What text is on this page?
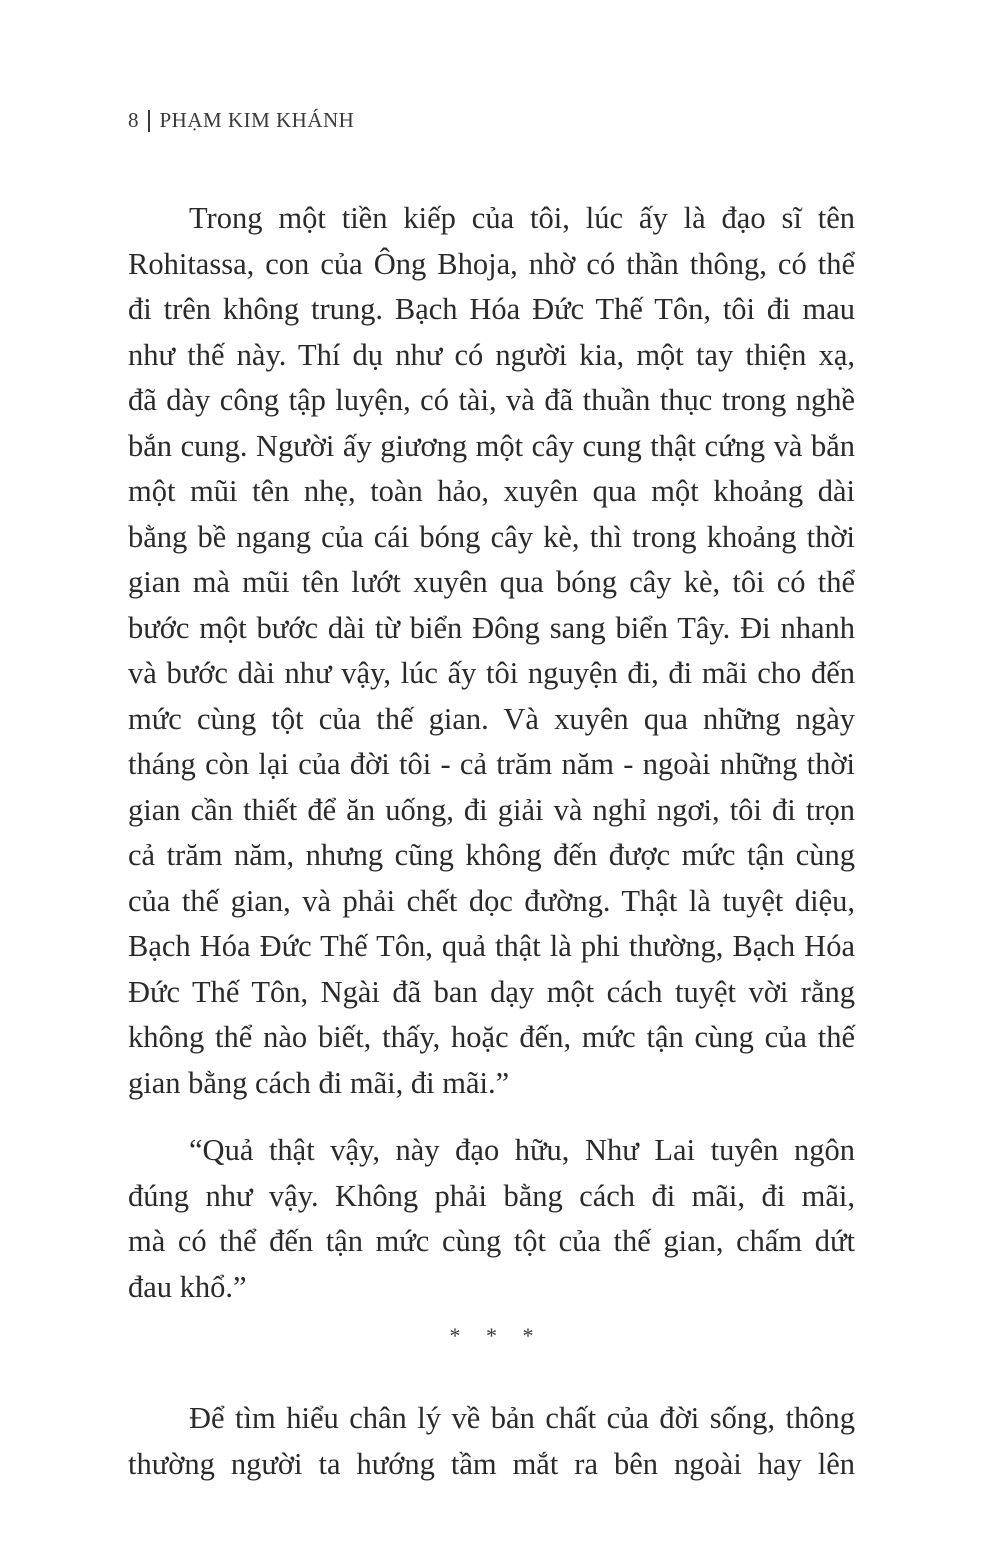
8 PHẠM KIM KHÁNH
Trong một tiền kiếp của tôi, lúc ấy là đạo sĩ tên
Rohitassa, con của Ông Bhoja, nhờ có thần thông, có thể
đi trên không trung. Bạch Hóa Đức Thế Tôn, tôi đi mau
như thế này. Thí dụ như có người kia, một tay thiện xạ,
đã dày công tập luyện, có tài, và đã thuần thục trong nghề
bắn cung. Người ấy giương một cây cung thật cứng và bắn
một mũi tên nhẹ, toàn hảo, xuyên qua một khoảng dài
bằng bề ngang của cái bóng cây kè, thì trong khoảng thời
gian mà mũi tên lướt xuyên qua bóng cây kè, tôi có thể
bước một bước dài từ biển Đông sang biển Tây. Đi nhanh
và bước dài như vậy, lúc ấy tôi nguyện đi, đi mãi cho đến
mức cùng tột của thế gian. Và xuyên qua những ngày
tháng còn lại của đời tôi - cả trăm năm - ngoài những thời
gian cần thiết để ăn uống, đi giải và nghỉ ngơi, tôi đi trọn
cả trăm năm, nhưng cũng không đến được mức tận cùng
của thế gian, và phải chết dọc đường. Thật là tuyệt diệu,
Bạch Hóa Đức Thế Tôn, quả thật là phi thường, Bạch Hóa
Đức Thế Tôn, Ngài đã ban dạy một cách tuyệt vời rằng
không thể nào biết, thấy, hoặc đến, mức tận cùng của thế
gian bằng cách đi mãi, đi mãi.”
“Quả thật vậy, này đạo hữu, Như Lai tuyên ngôn
đúng như vậy. Không phải bằng cách đi mãi, đi mãi,
mà có thể đến tận mức cùng tột của thế gian, chấm dứt
đau khổ.”
* * *
Để tìm hiểu chân lý về bản chất của đời sống, thông
thường người ta hướng tầm mắt ra bên ngoài hay lên
